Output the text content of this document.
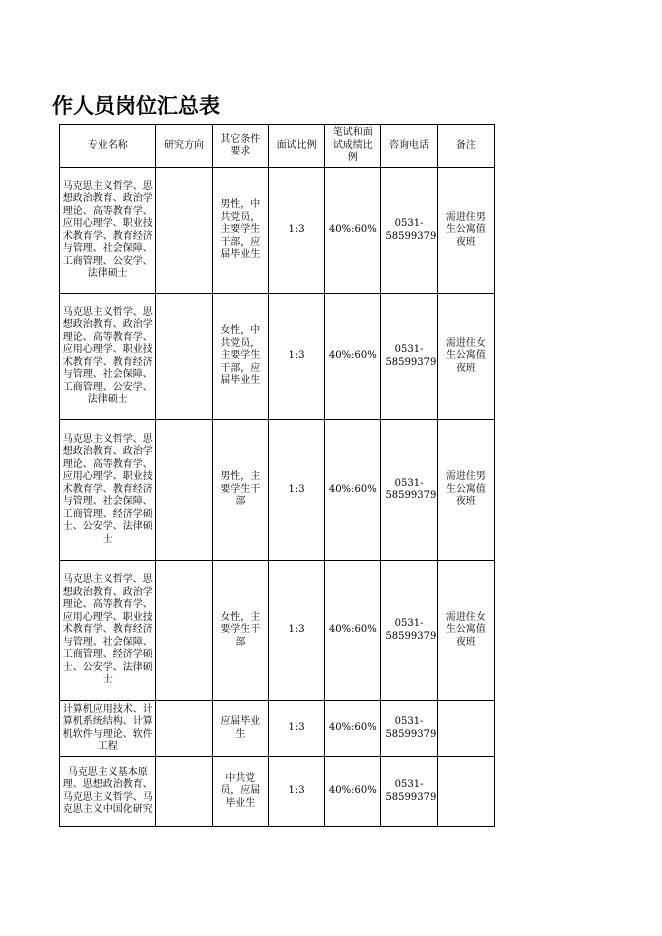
作人员岗位汇总表
专业名称	研究方向	其它条件要求	面试比例	笔试和面试成绩比例	咨询电话	备注
马克思主义哲学、思想政治教育、政治学理论、高等教育学、应用心理学、职业技术教育学、教育经济与管理、社会保障、工商管理、公安学、法律硕士		男性，中共党员，主要学生干部，应届毕业生	1:3	40%:60%	0531-58599379	需进住男生公寓值夜班
马克思主义哲学、思想政治教育、政治学理论、高等教育学、应用心理学、职业技术教育学、教育经济与管理、社会保障、工商管理、公安学、法律硕士		女性，中共党员，主要学生干部，应届毕业生	1:3	40%:60%	0531-58599379	需进住女生公寓值夜班
马克思主义哲学、思想政治教育、政治学理论、高等教育学、应用心理学、职业技术教育学、教育经济与管理、社会保障、工商管理、经济学硕士、公安学、法律硕士		男性，主要学生干部	1:3	40%:60%	0531-58599379	需进住男生公寓值夜班
马克思主义哲学、思想政治教育、政治学理论、高等教育学、应用心理学、职业技术教育学、教育经济与管理、社会保障、工商管理、经济学硕士、公安学、法律硕士		女性，主要学生干部	1:3	40%:60%	0531-58599379	需进住女生公寓值夜班
计算机应用技术、计算机系统结构、计算机软件与理论、软件工程		应届毕业生	1:3	40%:60%	0531-58599379	
马克思主义基本原理、思想政治教育、马克思主义哲学、马克思主义中国化研究		中共党员，应届毕业生	1:3	40%:60%	0531-58599379	
